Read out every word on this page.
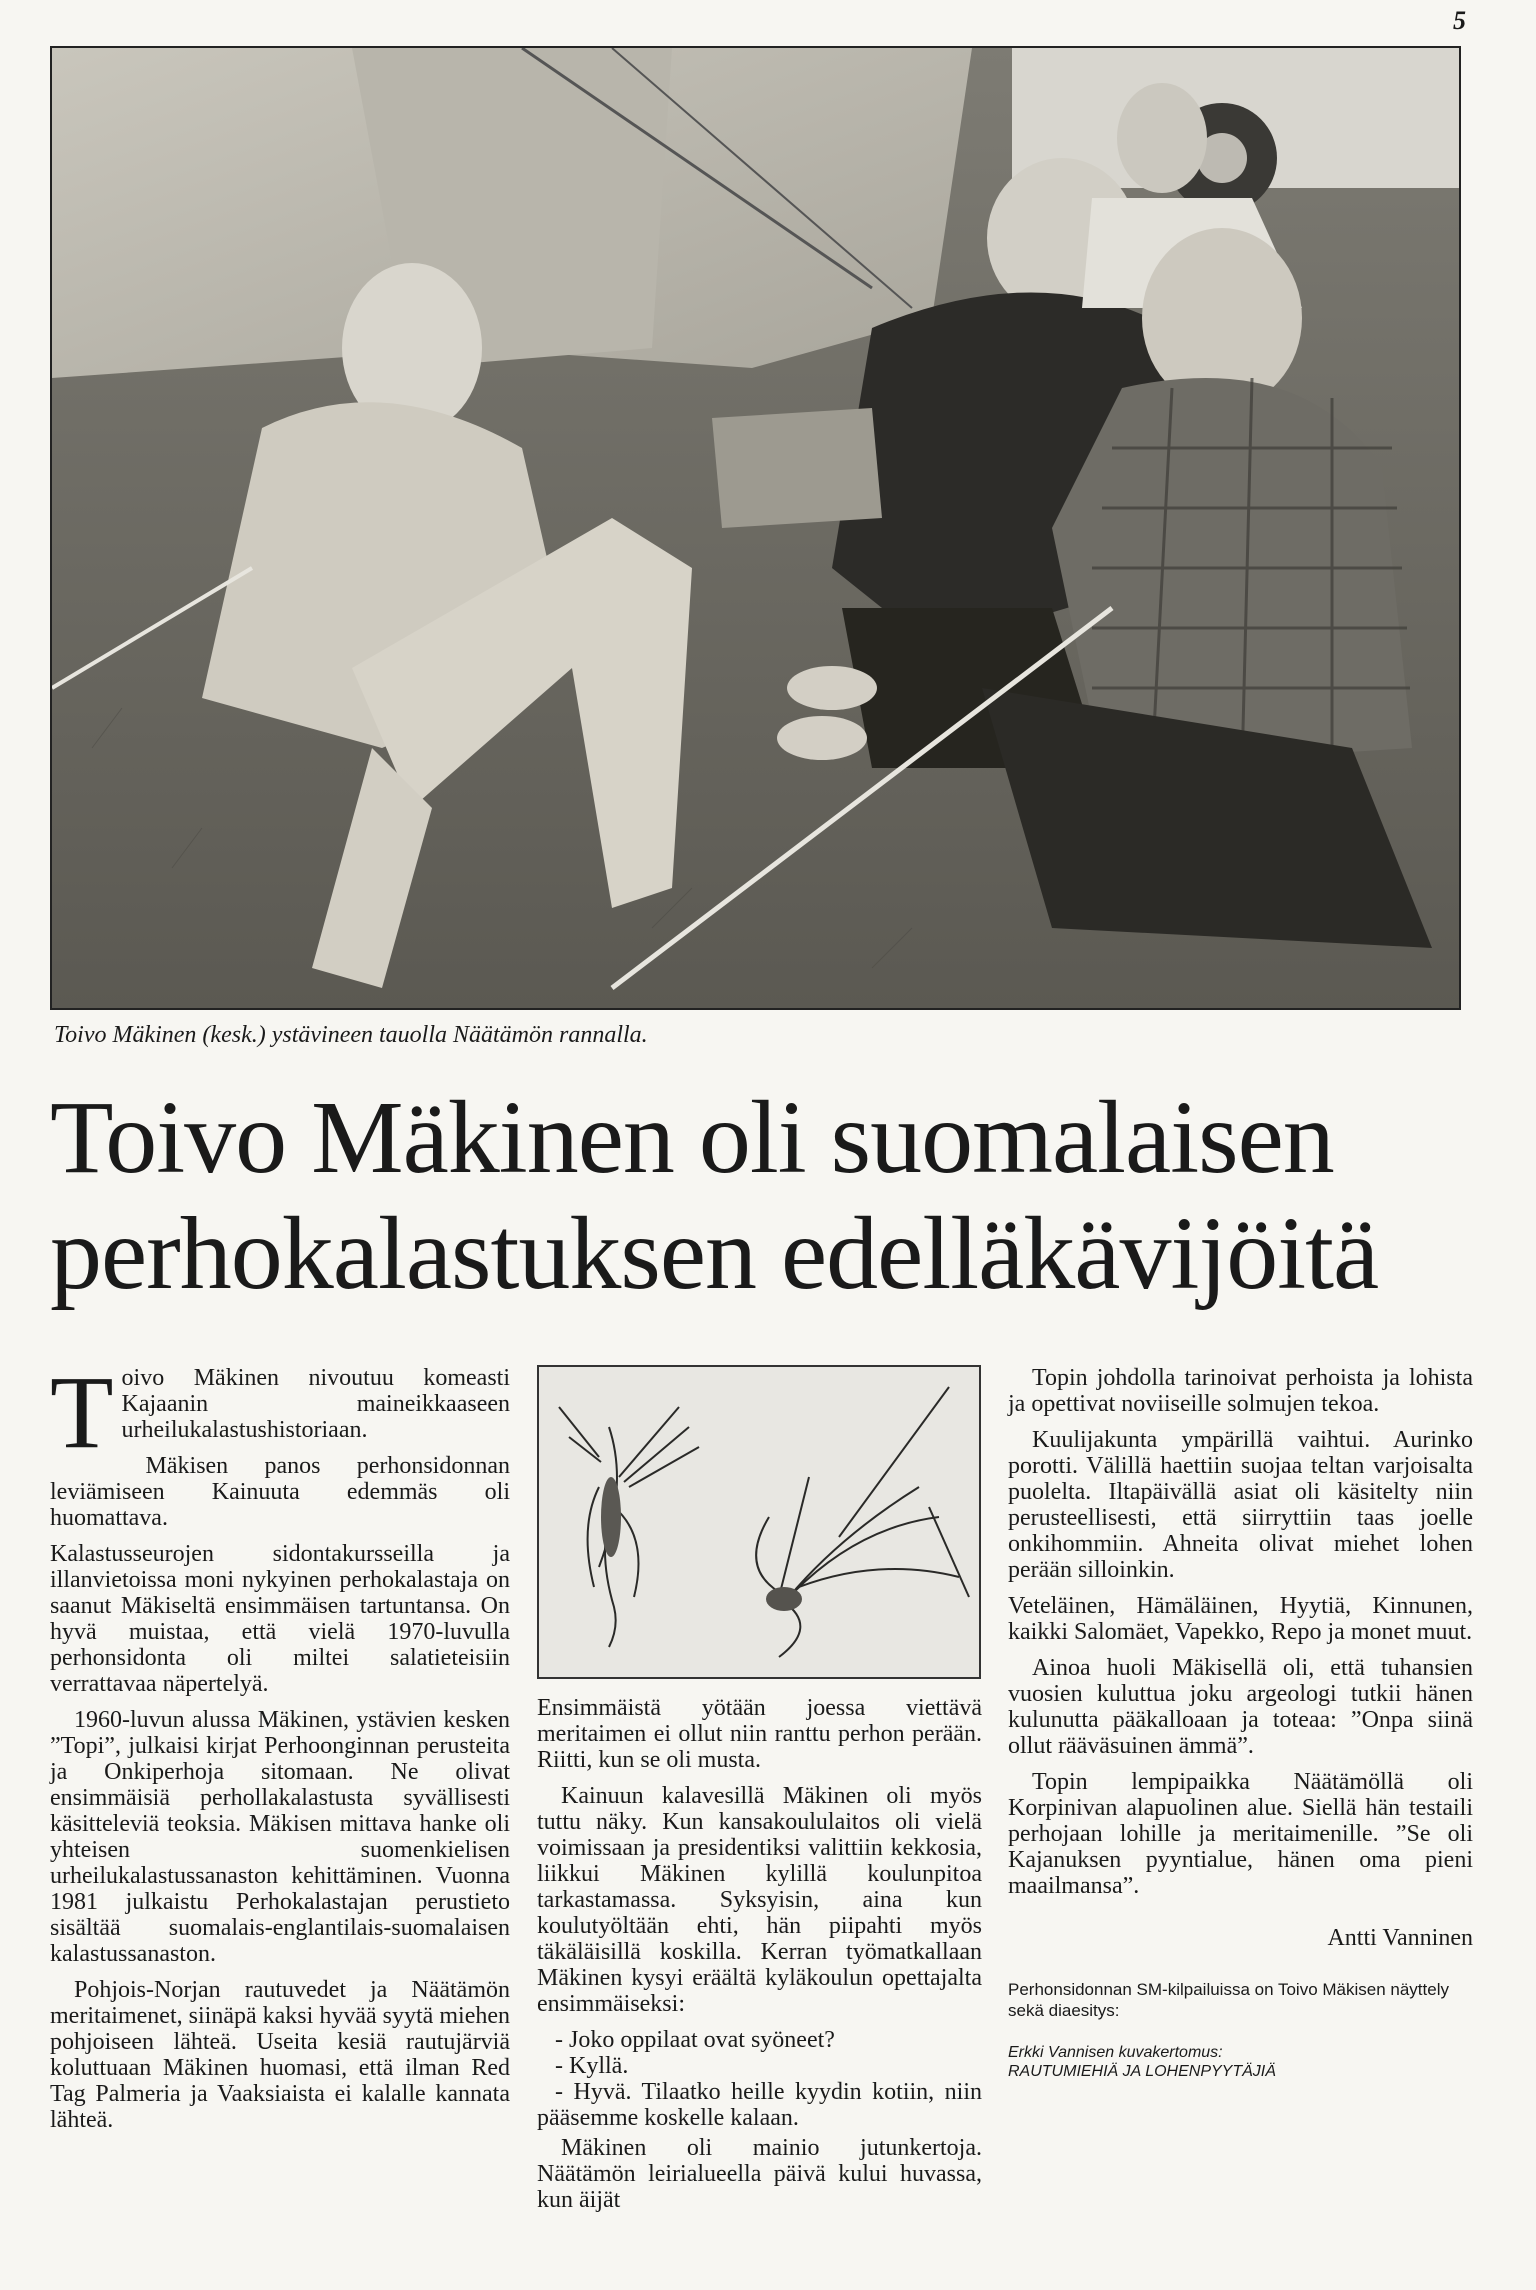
5
Toivo Mäkinen (kesk.) ystävineen tauolla Näätämön rannalla.
Toivo Mäkinen oli suomalaisen
perhokalastuksen edelläkävijöitä

Toivo Mäkinen nivoutuu komeasti Kajaanin maineikkaaseen urheilukalastushistoriaan.

Mäkisen panos perhonsidonnan leviämiseen Kainuuta edemmäs oli huomattava.

Kalastusseurojen sidontakursseilla ja illanvietoissa moni nykyinen perhokalastaja on saanut Mäkiseltä ensimmäisen tartuntansa. On hyvä muistaa, että vielä 1970-luvulla perhonsidonta oli miltei salatieteisiin verrattavaa näpertelyä.

1960-luvun alussa Mäkinen, ystävien kesken ”Topi”, julkaisi kirjat Perhoonginnan perusteita ja Onkiperhoja sitomaan. Ne olivat ensimmäisiä perhollakalastusta syvällisesti käsitteleviä teoksia. Mäkisen mittava hanke oli yhteisen suomenkielisen urheilukalastussanaston kehittäminen. Vuonna 1981 julkaistu Perhokalastajan perustieto sisältää suomalais-englantilais-suomalaisen kalastussanaston.

Pohjois-Norjan rautuvedet ja Näätämön meritaimenet, siinäpä kaksi hyvää syytä miehen pohjoiseen lähteä. Useita kesiä rautujärviä koluttuaan Mäkinen huomasi, että ilman Red Tag Palmeria ja Vaaksiaista ei kalalle kannata lähteä.

Ensimmäistä yötään joessa viettävä meritaimen ei ollut niin ranttu perhon perään. Riitti, kun se oli musta.

Kainuun kalavesillä Mäkinen oli myös tuttu näky. Kun kansakoululaitos oli vielä voimissaan ja presidentiksi valittiin kekkosia, liikkui Mäkinen kylillä koulunpitoa tarkastamassa. Syksyisin, aina kun koulutyöltään ehti, hän piipahti myös täkäläisillä koskilla. Kerran työmatkallaan Mäkinen kysyi eräältä kyläkoulun opettajalta ensimmäiseksi:

- Joko oppilaat ovat syöneet?

- Kyllä.

- Hyvä. Tilaatko heille kyydin kotiin, niin pääsemme koskelle kalaan.

Mäkinen oli mainio jutunkertoja. Näätämön leirialueella päivä kului huvassa, kun äijät

Topin johdolla tarinoivat perhoista ja lohista ja opettivat noviiseille solmujen tekoa.

Kuulijakunta ympärillä vaihtui. Aurinko porotti. Välillä haettiin suojaa teltan varjoisalta puolelta. Iltapäivällä asiat oli käsitelty niin perusteellisesti, että siirryttiin taas joelle onkihommiin. Ahneita olivat miehet lohen perään silloinkin.

Veteläinen, Hämäläinen, Hyytiä, Kinnunen, kaikki Salomäet, Vapekko, Repo ja monet muut.

Ainoa huoli Mäkisellä oli, että tuhansien vuosien kuluttua joku argeologi tutkii hänen kulunutta pääkalloaan ja toteaa: ”Onpa siinä ollut rääväsuinen ämmä”.

Topin lempipaikka Näätämöllä oli Korpinivan alapuolinen alue. Siellä hän testaili perhojaan lohille ja meritaimenille. ”Se oli Kajanuksen pyyntialue, hänen oma pieni maailmansa”.

Antti Vanninen
Perhonsidonnan SM-kilpailuissa on Toivo Mäkisen näyttely sekä diaesitys:
Erkki Vannisen kuvakertomus:
RAUTUMIEHIÄ JA LOHENPYYTÄJIÄ
